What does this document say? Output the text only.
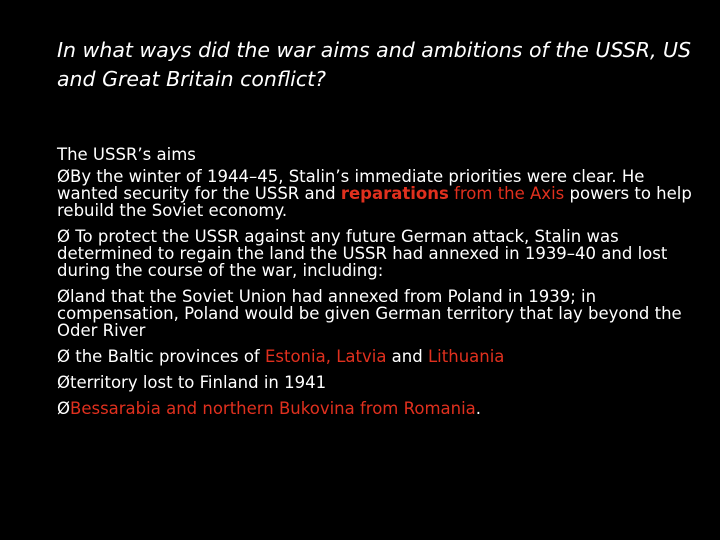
In what ways did the war aims and ambitions of the USSR, US and Great Britain conflict?

The USSR’s aims

ØBy the winter of 1944–45, Stalin’s immediate priorities were clear. He wanted security for the USSR and reparations from the Axis powers to help rebuild the Soviet economy.

Ø To protect the USSR against any future German attack, Stalin was determined to regain the land the USSR had annexed in 1939–40 and lost during the course of the war, including:

Øland that the Soviet Union had annexed from Poland in 1939; in compensation, Poland would be given German territory that lay beyond the Oder River

Ø the Baltic provinces of Estonia, Latvia and Lithuania

Øterritory lost to Finland in 1941

ØBessarabia and northern Bukovina from Romania.
